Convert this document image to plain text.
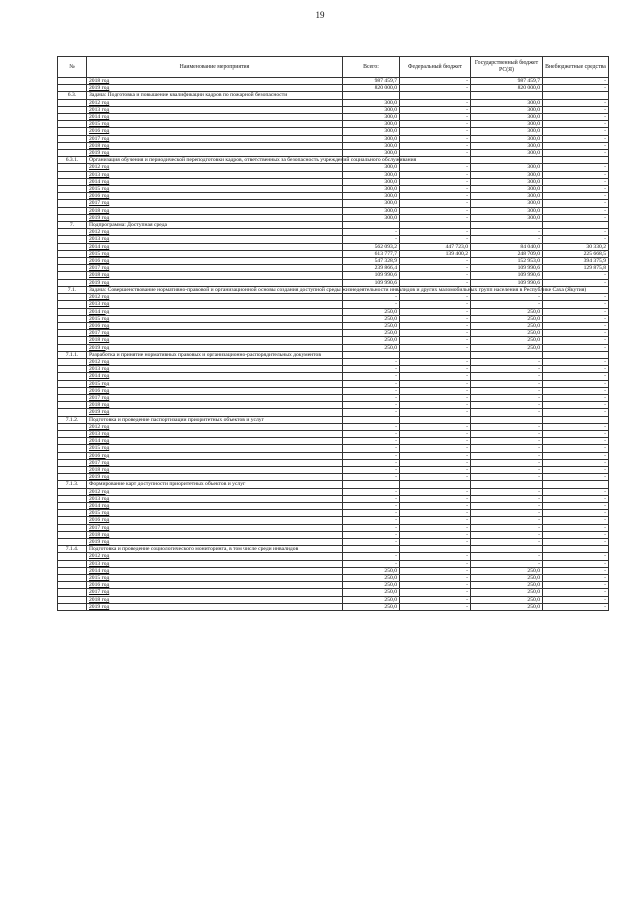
19
№	Наименование мероприятия	Всего:	Федеральный бюджет	Государственный бюджет РС(Я)	Внебюджетные средства
	2018 год	987 459,7	-	987 459,7	-
	2019 год	820 000,0	-	820 000,0	-
6.3.	Задача: Подготовка и повышение квалификации кадров по пожарной безопасности				
	2012 год	300,0	-	300,0	-
	2013 год	300,0	-	300,0	-
	2014 год	300,0	-	300,0	-
	2015 год	300,0	-	300,0	-
	2016 год	300,0	-	300,0	-
	2017 год	300,0	-	300,0	-
	2018 год	300,0	-	300,0	-
	2019 год	300,0	-	300,0	-
6.3.1.	Организация обучения и периодической переподготовки кадров, ответственных за безопасность учреждений социального обслуживания				
	2012 год	300,0	-	300,0	-
	2013 год	300,0	-	300,0	-
	2014 год	300,0	-	300,0	-
	2015 год	300,0	-	300,0	-
	2016 год	300,0	-	300,0	-
	2017 год	300,0	-	300,0	-
	2018 год	300,0	-	300,0	-
	2019 год	300,0	-	300,0	-
7.	Подпрограмма: Доступная среда				
	2012 год	-	-	-	-
	2013 год	-	-	-	-
	2014 год	562 093,2	447 723,0	84 040,0	30 330,2
	2015 год	613 777,7	139 400,2	248 709,0	225 668,5
	2016 год	547 328,9	-	152 953,0	394 375,9
	2017 год	239 866,4	-	109 990,6	129 875,8
	2018 год	109 990,6	-	109 990,6	-
	2019 год	109 990,6	-	109 990,6	-
7.1.	Задача: Совершенствование нормативно-правовой и организационной основы создания доступной среды жизнедеятельности инвалидов и других маломобильных групп населения в Республике Саха (Якутия)				
	2012 год	-	-	-	-
	2013 год	-	-	-	-
	2014 год	250,0	-	250,0	-
	2015 год	250,0	-	250,0	-
	2016 год	250,0	-	250,0	-
	2017 год	250,0	-	250,0	-
	2018 год	250,0	-	250,0	-
	2019 год	250,0	-	250,0	-
7.1.1.	Разработка и принятие нормативных правовых и организационно-распорядительных документов				
	2012 год	-	-	-	-
	2013 год	-	-	-	-
	2014 год	-	-	-	-
	2015 год	-	-	-	-
	2016 год	-	-	-	-
	2017 год	-	-	-	-
	2018 год	-	-	-	-
	2019 год	-	-	-	-
7.1.2.	Подготовка и проведение паспортизации приоритетных объектов и услуг				
	2012 год	-	-	-	-
	2013 год	-	-	-	-
	2014 год	-	-	-	-
	2015 год	-	-	-	-
	2016 год	-	-	-	-
	2017 год	-	-	-	-
	2018 год	-	-	-	-
	2019 год	-	-	-	-
7.1.3.	Формирование карт доступности приоритетных объектов и услуг				
	2012 год	-	-	-	-
	2013 год	-	-	-	-
	2014 год	-	-	-	-
	2015 год	-	-	-	-
	2016 год	-	-	-	-
	2017 год	-	-	-	-
	2018 год	-	-	-	-
	2019 год	-	-	-	-
7.1.4.	Подготовка и проведение социологического мониторинга, в том числе среди инвалидов				
	2012 год	-	-	-	-
	2013 год	-	-	-	-
	2014 год	250,0	-	250,0	-
	2015 год	250,0	-	250,0	-
	2016 год	250,0	-	250,0	-
	2017 год	250,0	-	250,0	-
	2018 год	250,0	-	250,0	-
	2019 год	250,0	-	250,0	-
